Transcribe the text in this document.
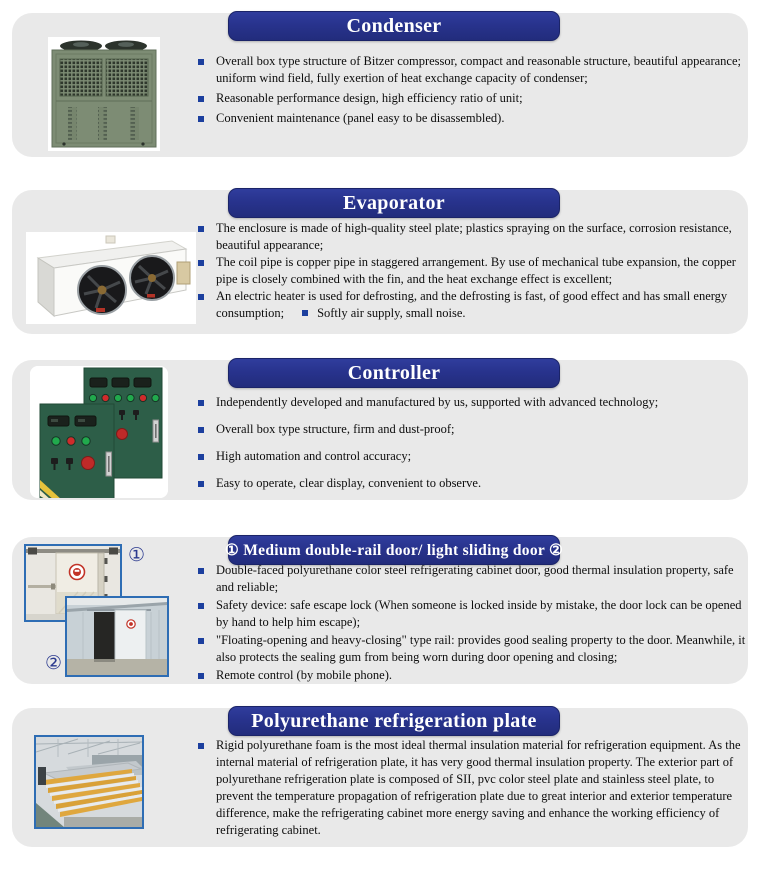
Condenser

Overall box type structure of Bitzer compressor, compact and reasonable structure, beautiful appearance; uniform wind field, fully exertion of heat exchange capacity of condenser;

Reasonable performance design, high efficiency ratio of unit;

Convenient maintenance (panel easy to be disassembled).

Evaporator

The enclosure is made of high-quality steel plate; plastics spraying on the surface, corrosion resistance, beautiful appearance;

The coil pipe is copper pipe in staggered arrangement. By use of mechanical tube expansion, the copper pipe is closely combined with the fin, and the heat exchange effect is excellent;

An electric heater is used for defrosting, and the defrosting is fast, of good effect and has small energy consumption;	Softly air supply, small noise.

Controller

Independently developed and manufactured by us, supported with advanced technology;

Overall box type structure, firm and dust-proof;

High automation and control accuracy;

Easy to operate, clear display, convenient to observe.

① Medium double-rail door/ light sliding door ②
①
②

Double-faced polyurethane color steel refrigerating cabinet door, good thermal insulation property, safe and reliable;

Safety device: safe escape lock (When someone is locked inside by mistake, the door lock can be opened by hand to help him escape);

"Floating-opening and heavy-closing" type rail: provides good sealing property to the door. Meanwhile, it also protects the sealing gum from being worn during door opening and closing;

Remote control (by mobile phone).

Polyurethane refrigeration plate

Rigid polyurethane foam is the most ideal thermal insulation material for refrigeration equipment. As the internal material of refrigeration plate, it has very good thermal insulation property. The exterior part of polyurethane refrigeration plate is composed of SII, pvc color steel plate and stainless steel plate, to prevent the temperature propagation of refrigeration plate due to great interior and exterior temperature difference, make the refrigerating cabinet more energy saving and enhance the working efficiency of refrigerating cabinet.
